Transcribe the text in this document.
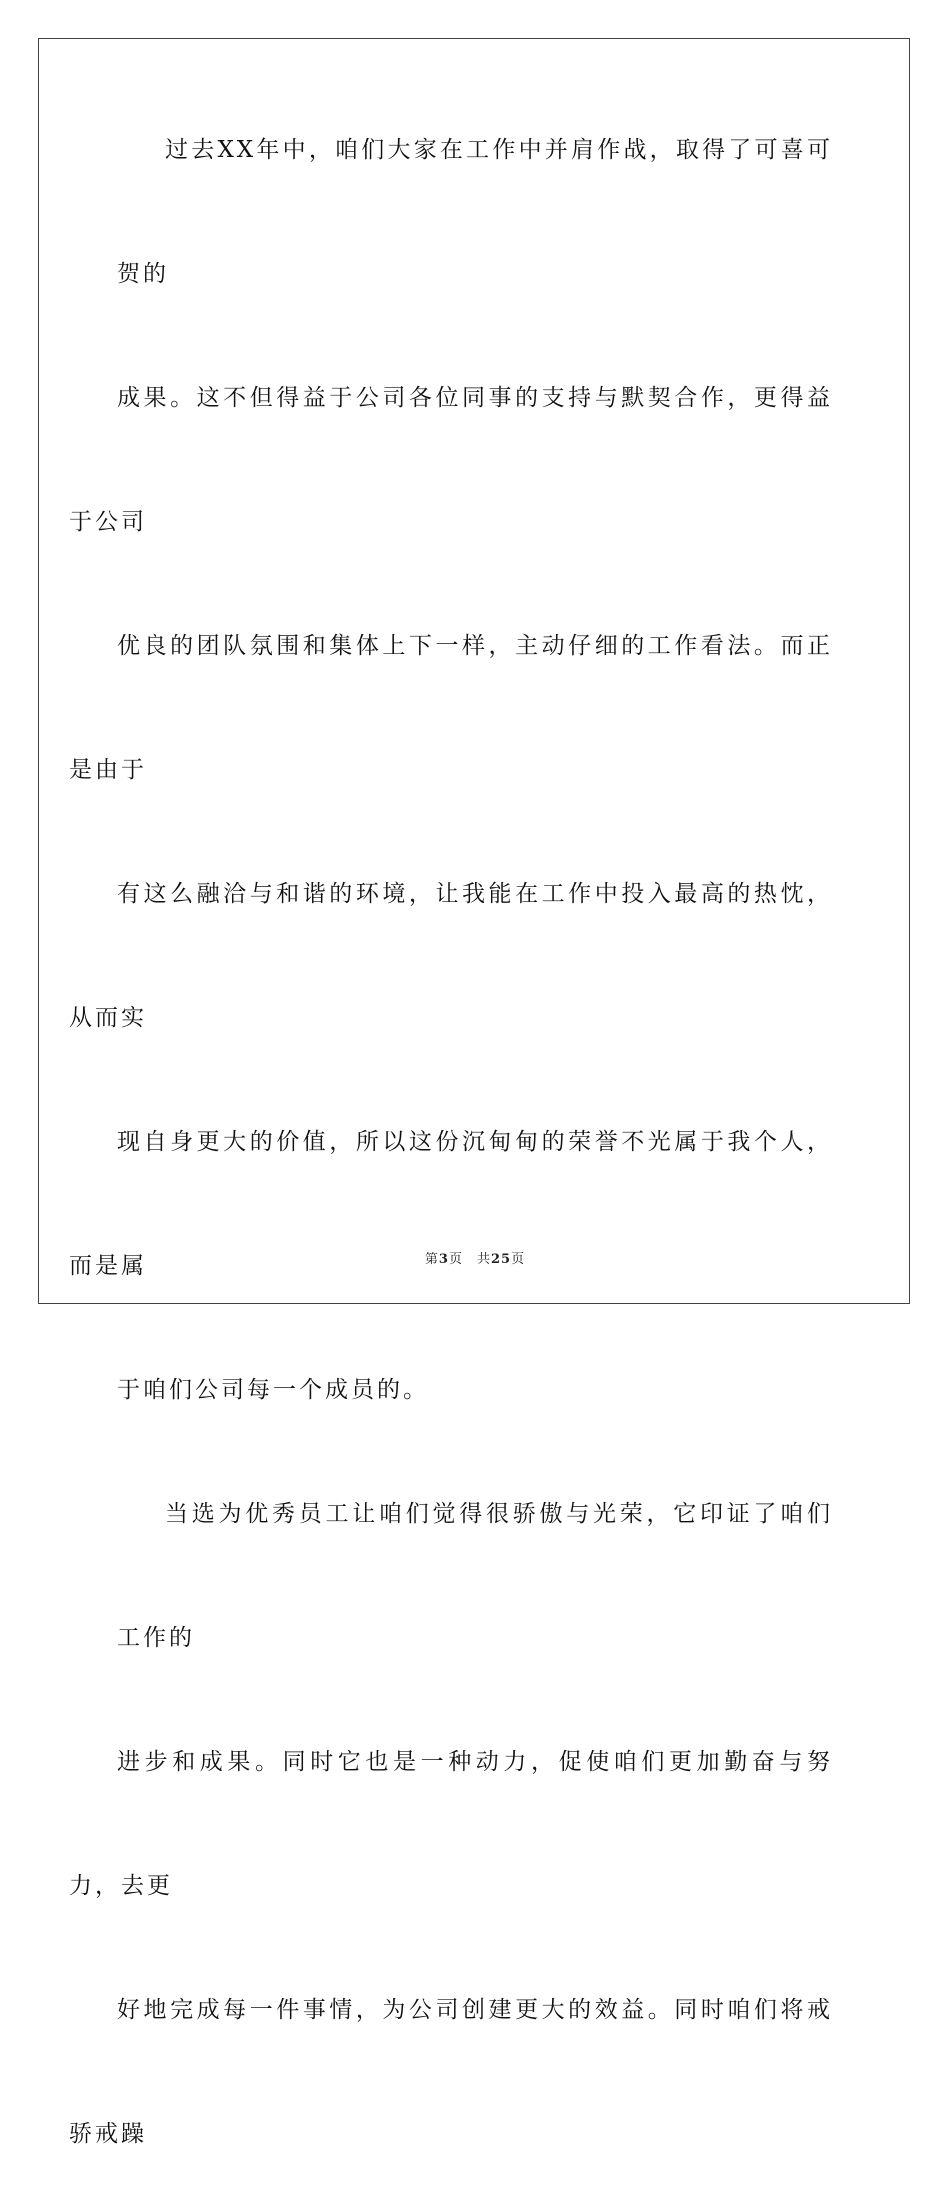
过去XX年中，咱们大家在工作中并肩作战，取得了可喜可贺的
成果。这不但得益于公司各位同事的支持与默契合作，更得益于公司
优良的团队氛围和集体上下一样，主动仔细的工作看法。而正是由于
有这么融洽与和谐的环境，让我能在工作中投入最高的热忱，从而实
现自身更大的价值，所以这份沉甸甸的荣誉不光属于我个人，而是属
于咱们公司每一个成员的。

当选为优秀员工让咱们觉得很骄傲与光荣，它印证了咱们工作的
进步和成果。同时它也是一种动力，促使咱们更加勤奋与努力，去更
好地完成每一件事情，为公司创建更大的效益。同时咱们将戒骄戒躁

第3页 共25页
